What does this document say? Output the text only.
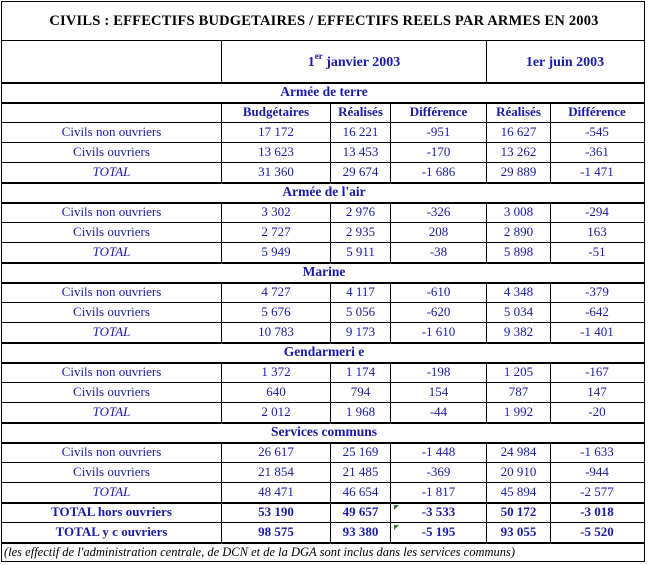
CIVILS : EFFECTIFS BUDGETAIRES / EFFECTIFS REELS PAR ARMES EN 2003
1er janvier 2003	1er juin 2003
Armée de terre
Budgétaires	Réalisés	Différence	Réalisés	Différence
Civils non ouvriers	17 172	16 221	-951	16 627	-545
Civils ouvriers	13 623	13 453	-170	13 262	-361
TOTAL	31 360	29 674	-1 686	29 889	-1 471
Armée de l'air
Civils non ouvriers	3 302	2 976	-326	3 008	-294
Civils ouvriers	2 727	2 935	208	2 890	163
TOTAL	5 949	5 911	-38	5 898	-51
Marine
Civils non ouvriers	4 727	4 117	-610	4 348	-379
Civils ouvriers	5 676	5 056	-620	5 034	-642
TOTAL	10 783	9 173	-1 610	9 382	-1 401
Gendarmeri e
Civils non ouvriers	1 372	1 174	-198	1 205	-167
Civils ouvriers	640	794	154	787	147
TOTAL	2 012	1 968	-44	1 992	-20
Services communs
Civils non ouvriers	26 617	25 169	-1 448	24 984	-1 633
Civils ouvriers	21 854	21 485	-369	20 910	-944
TOTAL	48 471	46 654	-1 817	45 894	-2 577
TOTAL hors ouvriers	53 190	49 657	-3 533	50 172	-3 018
TOTAL y c ouvriers	98 575	93 380	-5 195	93 055	-5 520
(les effectif de l'administration centrale, de DCN et de la DGA sont inclus dans les services communs)
